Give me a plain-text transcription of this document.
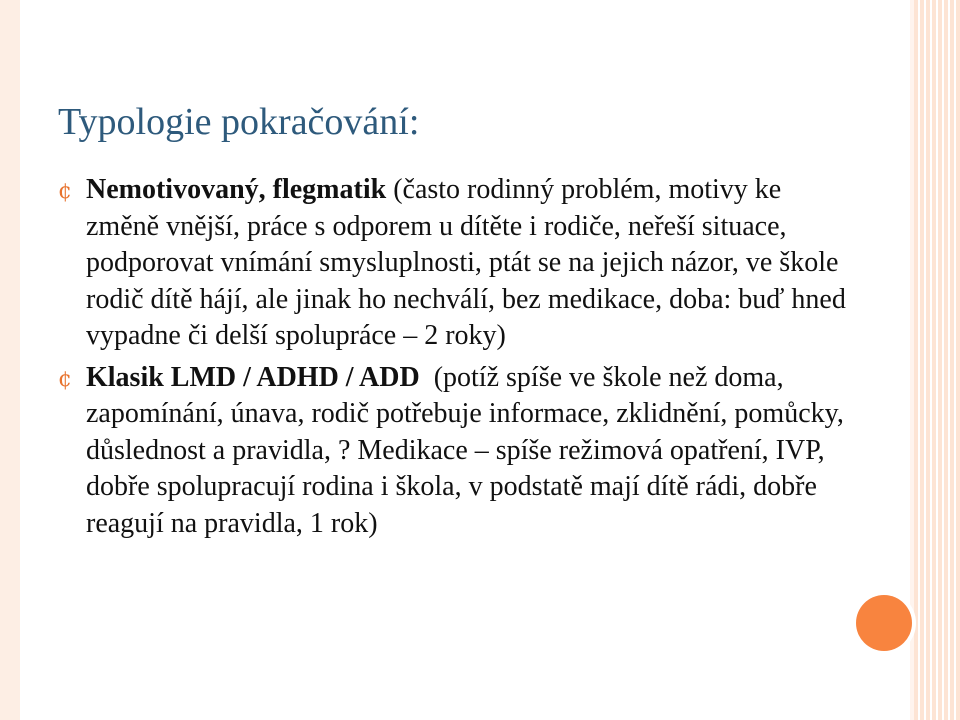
Typologie pokračování:

¢ Nemotivovaný, flegmatik (často rodinný problém, motivy ke změně vnější, práce s odporem u dítěte i rodiče, neřeší situace, podporovat vnímání smysluplnosti, ptát se na jejich názor, ve škole rodič dítě hájí, ale jinak ho nechválí, bez medikace, doba: buď hned vypadne či delší spolupráce – 2 roky)

¢ Klasik LMD / ADHD / ADD (potíž spíše ve škole než doma, zapomínání, únava, rodič potřebuje informace, zklidnění, pomůcky, důslednost a pravidla, ? Medikace – spíše režimová opatření, IVP, dobře spolupracují rodina i škola, v podstatě mají dítě rádi, dobře reagují na pravidla, 1 rok)
